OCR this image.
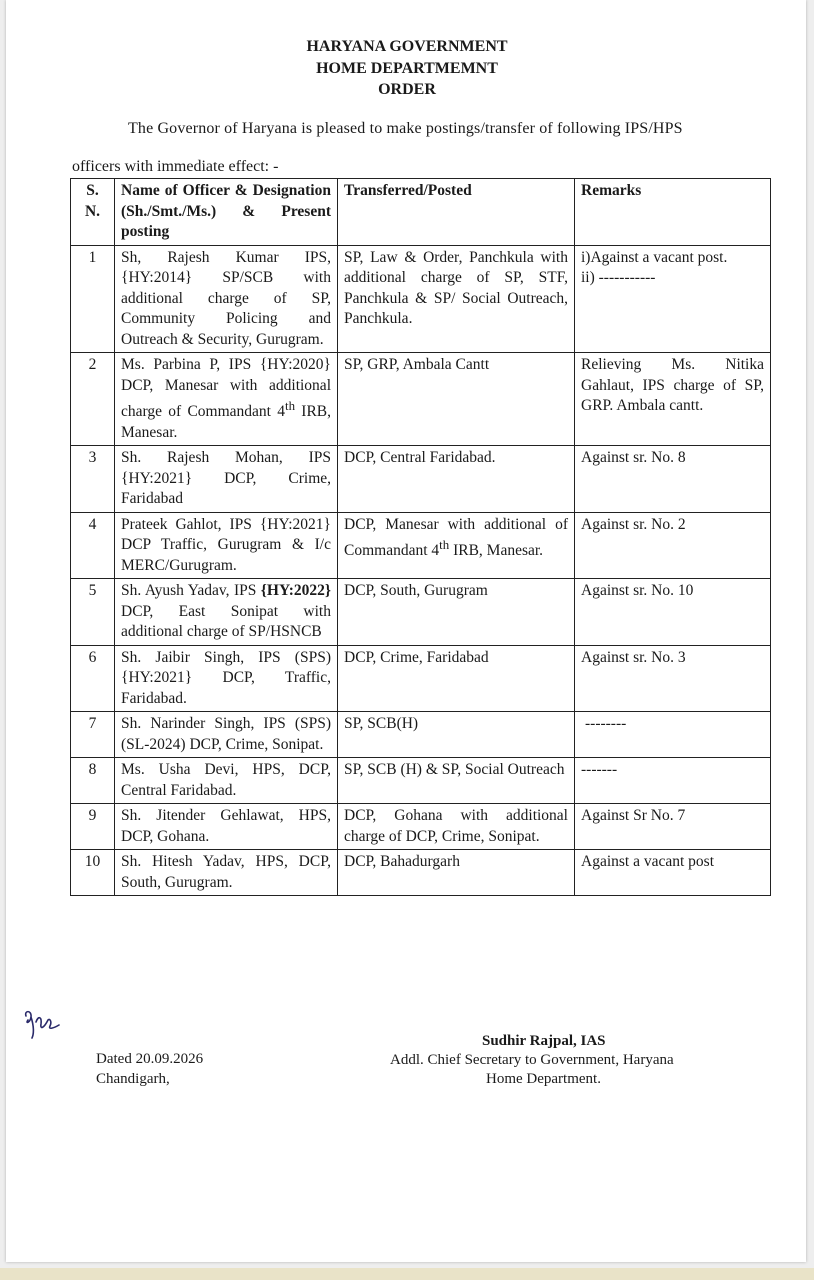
HARYANA GOVERNMENT
HOME DEPARTMEMNT
ORDER
The Governor of Haryana is pleased to make postings/transfer of following IPS/HPS
officers with immediate effect: -
S.
N.	Name of Officer & Designation (Sh./Smt./Ms.) & Present posting	Transferred/Posted	Remarks
1	Sh, Rajesh Kumar IPS, {HY:2014} SP/SCB with additional charge of SP, Community Policing and Outreach & Security, Gurugram.	SP, Law & Order, Panchkula with additional charge of SP, STF, Panchkula & SP/ Social Outreach, Panchkula.	i)Against a vacant post.
ii) -----------
2	Ms. Parbina P, IPS {HY:2020} DCP, Manesar with additional charge of Commandant 4th IRB, Manesar.	SP, GRP, Ambala Cantt	Relieving Ms. Nitika Gahlaut, IPS charge of SP, GRP. Ambala cantt.
3	Sh. Rajesh Mohan, IPS {HY:2021} DCP, Crime, Faridabad	DCP, Central Faridabad.	Against sr. No. 8
4	Prateek Gahlot, IPS {HY:2021} DCP Traffic, Gurugram & I/c MERC/Gurugram.	DCP, Manesar with additional of Commandant 4th IRB, Manesar.	Against sr. No. 2
5	Sh. Ayush Yadav, IPS {HY:2022} DCP, East Sonipat with additional charge of SP/HSNCB	DCP, South, Gurugram	Against sr. No. 10
6	Sh. Jaibir Singh, IPS (SPS) {HY:2021} DCP, Traffic, Faridabad.	DCP, Crime, Faridabad	Against sr. No. 3
7	Sh. Narinder Singh, IPS (SPS) (SL-2024) DCP, Crime, Sonipat.	SP, SCB(H)	--------
8	Ms. Usha Devi, HPS, DCP, Central Faridabad.	SP, SCB (H) & SP, Social Outreach	-------
9	Sh. Jitender Gehlawat, HPS, DCP, Gohana.	DCP, Gohana with additional charge of DCP, Crime, Sonipat.	Against Sr No. 7
10	Sh. Hitesh Yadav, HPS, DCP, South, Gurugram.	DCP, Bahadurgarh	Against a vacant post
Sudhir Rajpal, IAS
Addl. Chief Secretary to Government, Haryana
Home Department.
Dated 20.09.2026
Chandigarh,
